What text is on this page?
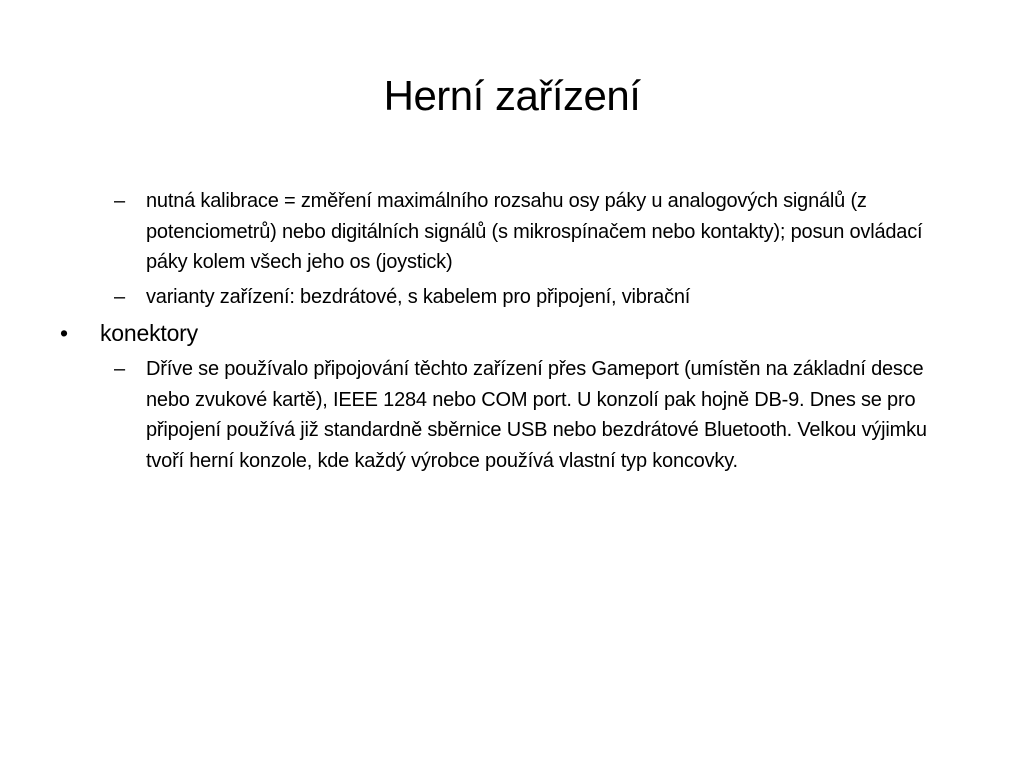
Herní zařízení
– nutná kalibrace = změření maximálního rozsahu osy páky u analogových signálů (z potenciometrů) nebo digitálních signálů (s mikrospínačem nebo kontakty); posun ovládací páky kolem všech jeho os (joystick)
– varianty zařízení: bezdrátové, s kabelem pro připojení, vibrační
• konektory
– Dříve se používalo připojování těchto zařízení přes Gameport (umístěn na základní desce nebo zvukové kartě), IEEE 1284 nebo COM port. U konzolí pak hojně DB-9. Dnes se pro připojení používá již standardně sběrnice USB nebo bezdrátové Bluetooth. Velkou výjimku tvoří herní konzole, kde každý výrobce používá vlastní typ koncovky.
